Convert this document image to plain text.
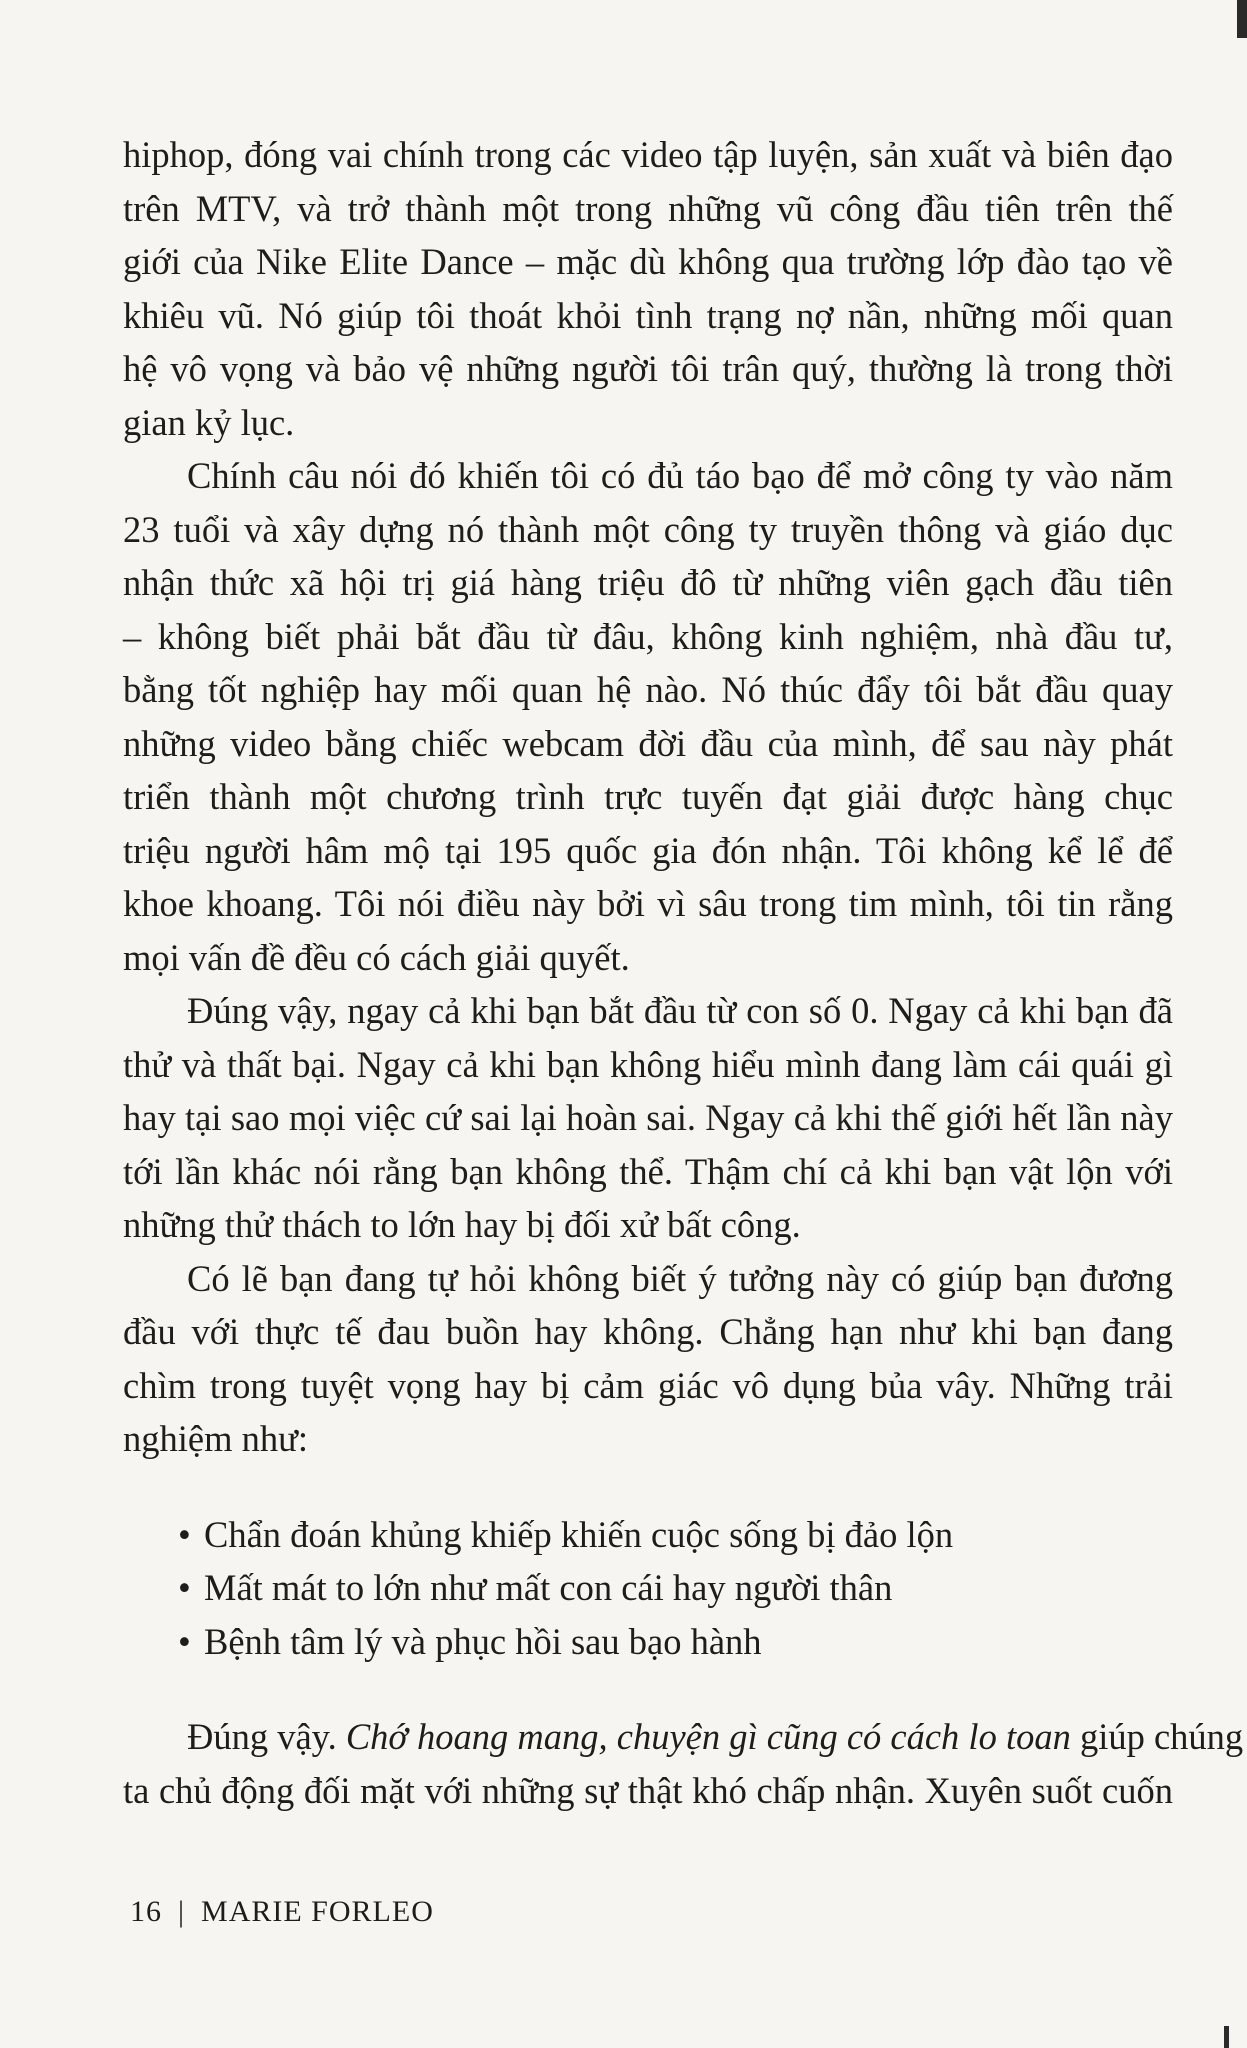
hiphop, đóng vai chính trong các video tập luyện, sản xuất và biên đạo
trên MTV, và trở thành một trong những vũ công đầu tiên trên thế
giới của Nike Elite Dance – mặc dù không qua trường lớp đào tạo về
khiêu vũ. Nó giúp tôi thoát khỏi tình trạng nợ nần, những mối quan
hệ vô vọng và bảo vệ những người tôi trân quý, thường là trong thời
gian kỷ lục.
Chính câu nói đó khiến tôi có đủ táo bạo để mở công ty vào năm
23 tuổi và xây dựng nó thành một công ty truyền thông và giáo dục
nhận thức xã hội trị giá hàng triệu đô từ những viên gạch đầu tiên
– không biết phải bắt đầu từ đâu, không kinh nghiệm, nhà đầu tư,
bằng tốt nghiệp hay mối quan hệ nào. Nó thúc đẩy tôi bắt đầu quay
những video bằng chiếc webcam đời đầu của mình, để sau này phát
triển thành một chương trình trực tuyến đạt giải được hàng chục
triệu người hâm mộ tại 195 quốc gia đón nhận. Tôi không kể lể để
khoe khoang. Tôi nói điều này bởi vì sâu trong tim mình, tôi tin rằng
mọi vấn đề đều có cách giải quyết.
Đúng vậy, ngay cả khi bạn bắt đầu từ con số 0. Ngay cả khi bạn đã
thử và thất bại. Ngay cả khi bạn không hiểu mình đang làm cái quái gì
hay tại sao mọi việc cứ sai lại hoàn sai. Ngay cả khi thế giới hết lần này
tới lần khác nói rằng bạn không thể. Thậm chí cả khi bạn vật lộn với
những thử thách to lớn hay bị đối xử bất công.
Có lẽ bạn đang tự hỏi không biết ý tưởng này có giúp bạn đương
đầu với thực tế đau buồn hay không. Chẳng hạn như khi bạn đang
chìm trong tuyệt vọng hay bị cảm giác vô dụng bủa vây. Những trải
nghiệm như:
• Chẩn đoán khủng khiếp khiến cuộc sống bị đảo lộn
• Mất mát to lớn như mất con cái hay người thân
• Bệnh tâm lý và phục hồi sau bạo hành
Đúng vậy. Chớ hoang mang, chuyện gì cũng có cách lo toan giúp chúng
ta chủ động đối mặt với những sự thật khó chấp nhận. Xuyên suốt cuốn
16 | MARIE FORLEO
